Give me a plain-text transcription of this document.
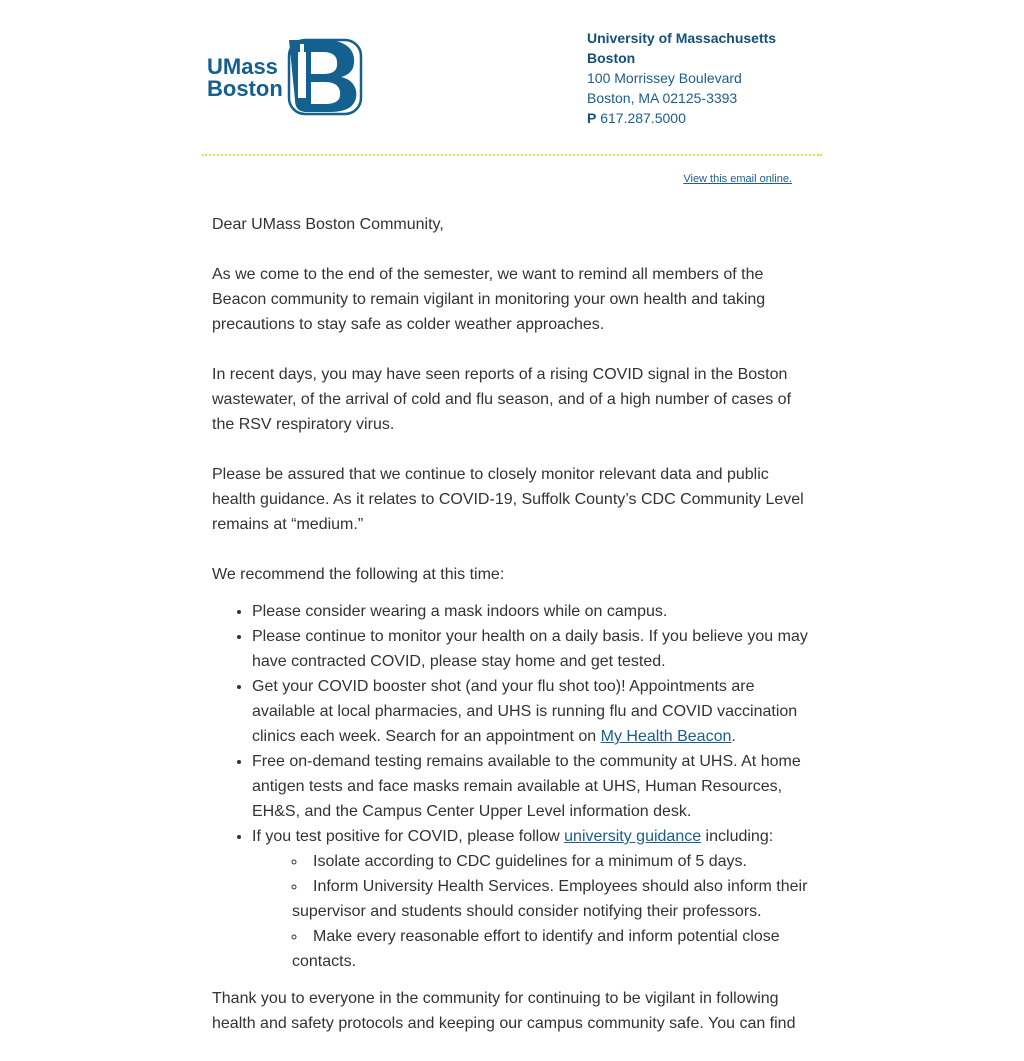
UMass
Boston
University of Massachusetts
Boston
100 Morrissey Boulevard
Boston, MA 02125-3393
P 617.287.5000
View this email online.

Dear UMass Boston Community,

As we come to the end of the semester, we want to remind all members of the Beacon community to remain vigilant in monitoring your own health and taking precautions to stay safe as colder weather approaches.

In recent days, you may have seen reports of a rising COVID signal in the Boston wastewater, of the arrival of cold and flu season, and of a high number of cases of the RSV respiratory virus.

Please be assured that we continue to closely monitor relevant data and public health guidance. As it relates to COVID-19, Suffolk County’s CDC Community Level remains at “medium.”

We recommend the following at this time:

• Please consider wearing a mask indoors while on campus.
• Please continue to monitor your health on a daily basis. If you believe you may have contracted COVID, please stay home and get tested.
• Get your COVID booster shot (and your flu shot too)! Appointments are available at local pharmacies, and UHS is running flu and COVID vaccination clinics each week. Search for an appointment on My Health Beacon.
• Free on-demand testing remains available to the community at UHS. At home antigen tests and face masks remain available at UHS, Human Resources, EH&S, and the Campus Center Upper Level information desk.
• If you test positive for COVID, please follow university guidance including:
◦ Isolate according to CDC guidelines for a minimum of 5 days.
◦ Inform University Health Services. Employees should also inform their supervisor and students should consider notifying their professors.
◦ Make every reasonable effort to identify and inform potential close contacts.

Thank you to everyone in the community for continuing to be vigilant in following health and safety protocols and keeping our campus community safe. You can find
